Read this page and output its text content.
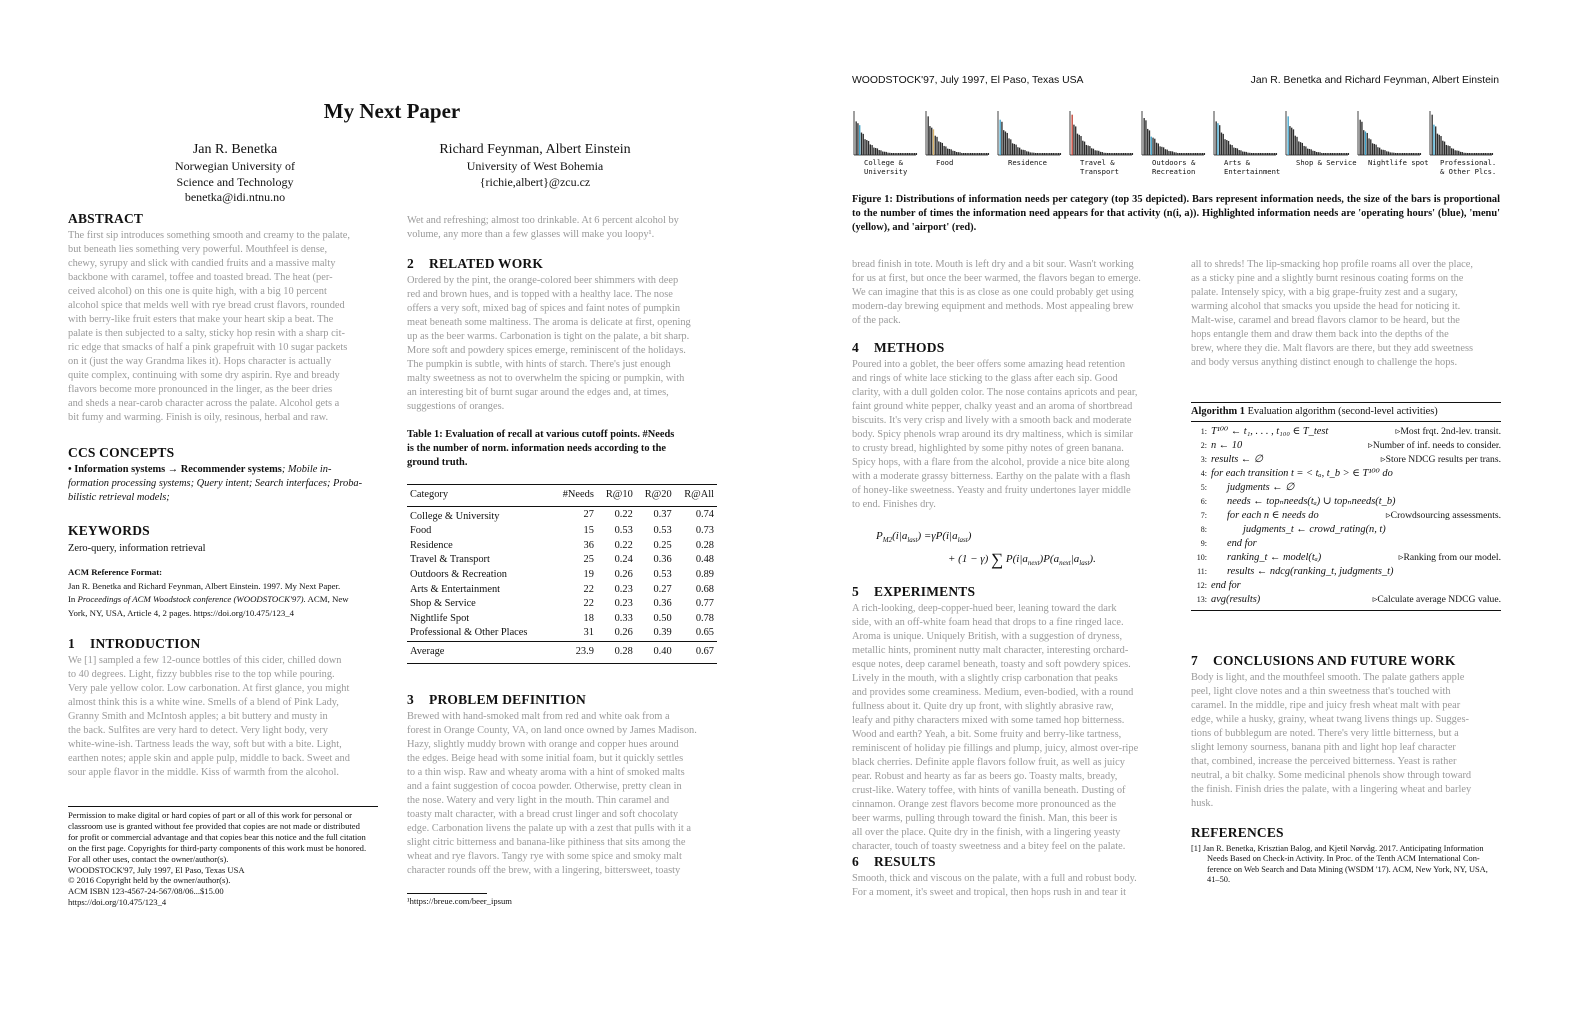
My Next Paper
Jan R. Benetka
Norwegian University of
Science and Technology
benetka@idi.ntnu.no
Richard Feynman, Albert Einstein
University of West Bohemia
{richie,albert}@zcu.cz
ABSTRACT
The first sip introduces something smooth and creamy to the palate,
but beneath lies something very powerful. Mouthfeel is dense,
chewy, syrupy and slick with candied fruits and a massive malty
backbone with caramel, toffee and toasted bread. The heat (per-
ceived alcohol) on this one is quite high, with a big 10 percent
alcohol spice that melds well with rye bread crust flavors, rounded
with berry-like fruit esters that make your heart skip a beat. The
palate is then subjected to a salty, sticky hop resin with a sharp cit-
ric edge that smacks of half a pink grapefruit with 10 sugar packets
on it (just the way Grandma likes it). Hops character is actually
quite complex, continuing with some dry aspirin. Rye and bready
flavors become more pronounced in the linger, as the beer dries
and sheds a near-carob character across the palate. Alcohol gets a
bit fumy and warming. Finish is oily, resinous, herbal and raw.
CCS CONCEPTS
• Information systems → Recommender systems; Mobile in-
formation processing systems; Query intent; Search interfaces; Proba-
bilistic retrieval models;
KEYWORDS
Zero-query, information retrieval
ACM Reference Format:
Jan R. Benetka and Richard Feynman, Albert Einstein. 1997. My Next Paper.
In Proceedings of ACM Woodstock conference (WOODSTOCK'97). ACM, New
York, NY, USA, Article 4, 2 pages. https://doi.org/10.475/123_4
1 INTRODUCTION
We [1] sampled a few 12-ounce bottles of this cider, chilled down
to 40 degrees. Light, fizzy bubbles rise to the top while pouring.
Very pale yellow color. Low carbonation. At first glance, you might
almost think this is a white wine. Smells of a blend of Pink Lady,
Granny Smith and McIntosh apples; a bit buttery and musty in
the back. Sulfites are very hard to detect. Very light body, very
white-wine-ish. Tartness leads the way, soft but with a bite. Light,
earthen notes; apple skin and apple pulp, middle to back. Sweet and
sour apple flavor in the middle. Kiss of warmth from the alcohol.
Permission to make digital or hard copies of part or all of this work for personal or
classroom use is granted without fee provided that copies are not made or distributed
for profit or commercial advantage and that copies bear this notice and the full citation
on the first page. Copyrights for third-party components of this work must be honored.
For all other uses, contact the owner/author(s).
WOODSTOCK'97, July 1997, El Paso, Texas USA
© 2016 Copyright held by the owner/author(s).
ACM ISBN 123-4567-24-567/08/06...$15.00
https://doi.org/10.475/123_4
Wet and refreshing; almost too drinkable. At 6 percent alcohol by
volume, any more than a few glasses will make you loopy¹.
2 RELATED WORK
Ordered by the pint, the orange-colored beer shimmers with deep
red and brown hues, and is topped with a healthy lace. The nose
offers a very soft, mixed bag of spices and faint notes of pumpkin
meat beneath some maltiness. The aroma is delicate at first, opening
up as the beer warms. Carbonation is tight on the palate, a bit sharp.
More soft and powdery spices emerge, reminiscent of the holidays.
The pumpkin is subtle, with hints of starch. There's just enough
malty sweetness as not to overwhelm the spicing or pumpkin, with
an interesting bit of burnt sugar around the edges and, at times,
suggestions of oranges.
Table 1: Evaluation of recall at various cutoff points. #Needs
is the number of norm. information needs according to the
ground truth.
Category	#Needs	R@10	R@20	R@All
College & University	27	0.22	0.37	0.74
Food	15	0.53	0.53	0.73
Residence	36	0.22	0.25	0.28
Travel & Transport	25	0.24	0.36	0.48
Outdoors & Recreation	19	0.26	0.53	0.89
Arts & Entertainment	22	0.23	0.27	0.68
Shop & Service	22	0.23	0.36	0.77
Nightlife Spot	18	0.33	0.50	0.78
Professional & Other Places	31	0.26	0.39	0.65
Average	23.9	0.28	0.40	0.67
3 PROBLEM DEFINITION
Brewed with hand-smoked malt from red and white oak from a
forest in Orange County, VA, on land once owned by James Madison.
Hazy, slightly muddy brown with orange and copper hues around
the edges. Beige head with some initial foam, but it quickly settles
to a thin wisp. Raw and wheaty aroma with a hint of smoked malts
and a faint suggestion of cocoa powder. Otherwise, pretty clean in
the nose. Watery and very light in the mouth. Thin caramel and
toasty malt character, with a bread crust linger and soft chocolaty
edge. Carbonation livens the palate up with a zest that pulls with it a
slight citric bitterness and banana-like pithiness that sits among the
wheat and rye flavors. Tangy rye with some spice and smoky malt
character rounds off the brew, with a lingering, bittersweet, toasty
¹https://breue.com/beer_ipsum
WOODSTOCK'97, July 1997, El Paso, Texas USA	Jan R. Benetka and Richard Feynman, Albert Einstein
College &
University
Food	Residence	Travel &
Transport
Outdoors &
Recreation
Arts &
Entertainment
Shop & Service Nightlife spot Professional.
& Other Plcs.
Figure 1: Distributions of information needs per category (top 35 depicted). Bars represent information needs, the size of the bars is proportional to the number of times the information need appears for that activity (n(i, a)). Highlighted information needs are 'operating hours' (blue), 'menu' (yellow), and 'airport' (red).
bread finish in tote. Mouth is left dry and a bit sour. Wasn't working
for us at first, but once the beer warmed, the flavors began to emerge.
We can imagine that this is as close as one could probably get using
modern-day brewing equipment and methods. Most appealing brew
of the pack.
4 METHODS
Poured into a goblet, the beer offers some amazing head retention
and rings of white lace sticking to the glass after each sip. Good
clarity, with a dull golden color. The nose contains apricots and pear,
faint ground white pepper, chalky yeast and an aroma of shortbread
biscuits. It's very crisp and lively with a smooth back and moderate
body. Spicy phenols wrap around its dry maltiness, which is similar
to crusty bread, highlighted by some pithy notes of green banana.
Spicy hops, with a flare from the alcohol, provide a nice bite along
with a moderate grassy bitterness. Earthy on the palate with a flash
of honey-like sweetness. Yeasty and fruity undertones layer middle
to end. Finishes dry.
$P_{M2}(i|a_{last}) =\gamma P(i|a_{last})$
+ (1 − γ) ∑ $P(i|a_{next})P(a_{next}|a_{last})$.
5 EXPERIMENTS
A rich-looking, deep-copper-hued beer, leaning toward the dark
side, with an off-white foam head that drops to a fine ringed lace.
Aroma is unique. Uniquely British, with a suggestion of dryness,
metallic hints, prominent nutty malt character, interesting orchard-
esque notes, deep caramel beneath, toasty and soft powdery spices.
Lively in the mouth, with a slightly crisp carbonation that peaks
and provides some creaminess. Medium, even-bodied, with a round
fullness about it. Quite dry up front, with slightly abrasive raw,
leafy and pithy characters mixed with some tamed hop bitterness.
Wood and earth? Yeah, a bit. Some fruity and berry-like tartness,
reminiscent of holiday pie fillings and plump, juicy, almost over-ripe
black cherries. Definite apple flavors follow fruit, as well as juicy
pear. Robust and hearty as far as beers go. Toasty malts, bready,
crust-like. Watery toffee, with hints of vanilla beneath. Dusting of
cinnamon. Orange zest flavors become more pronounced as the
beer warms, pulling through toward the finish. Man, this beer is
all over the place. Quite dry in the finish, with a lingering yeasty
character, touch of toasty sweetness and a bitey feel on the palate.
6 RESULTS
Smooth, thick and viscous on the palate, with a full and robust body.
For a moment, it's sweet and tropical, then hops rush in and tear it
all to shreds! The lip-smacking hop profile roams all over the place,
as a sticky pine and a slightly burnt resinous coating forms on the
palate. Intensely spicy, with a big grape-fruity zest and a sugary,
warming alcohol that smacks you upside the head for noticing it.
Malt-wise, caramel and bread flavors clamor to be heard, but the
hops entangle them and draw them back into the depths of the
brew, where they die. Malt flavors are there, but they add sweetness
and body versus anything distinct enough to challenge the hops.
Algorithm 1 Evaluation algorithm (second-level activities)
1: T¹⁰⁰ ← t₁, . . . , t₁₀₀ ∈ T_test	▹Most frqt. 2nd-lev. transit.
2: n ← 10	▹Number of inf. needs to consider.
3: results ← ∅	▹Store NDCG results per trans.
4: for each transition t = < tₐ, t_b > ∈ T¹⁰⁰ do
5:	judgments ← ∅
6:	needs ← topₙneeds(tₐ) ∪ topₙneeds(t_b)
7:	for each n ∈ needs do	▹Crowdsourcing assessments.
8:	judgments_t ← crowd_rating(n, t)
9:	end for
10:	ranking_t ← model(tₐ)	▹Ranking from our model.
11:	results ← ndcg(ranking_t, judgments_t)
12: end for
13: avg(results)	▹Calculate average NDCG value.
7 CONCLUSIONS AND FUTURE WORK
Body is light, and the mouthfeel smooth. The palate gathers apple
peel, light clove notes and a thin sweetness that's touched with
caramel. In the middle, ripe and juicy fresh wheat malt with pear
edge, while a husky, grainy, wheat twang livens things up. Sugges-
tions of bubblegum are noted. There's very little bitterness, but a
slight lemony sourness, banana pith and light hop leaf character
that, combined, increase the perceived bitterness. Yeast is rather
neutral, a bit chalky. Some medicinal phenols show through toward
the finish. Finish dries the palate, with a lingering wheat and barley
husk.
REFERENCES
[1] Jan R. Benetka, Krisztian Balog, and Kjetil Nørvåg. 2017. Anticipating Information
Needs Based on Check-in Activity. In Proc. of the Tenth ACM International Con-
ference on Web Search and Data Mining (WSDM '17). ACM, New York, NY, USA,
41–50.
